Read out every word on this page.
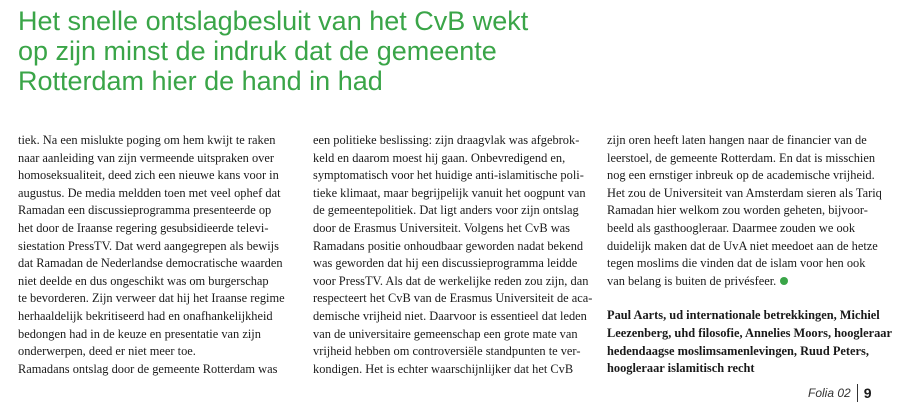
Het snelle ontslagbesluit van het CvB wekt
op zijn minst de indruk dat de gemeente
Rotterdam hier de hand in had
tiek. Na een mislukte poging om hem kwijt te raken
naar aanleiding van zijn vermeende uitspraken over
homoseksualiteit, deed zich een nieuwe kans voor in
augustus. De media meldden toen met veel ophef dat
Ramadan een discussieprogramma presenteerde op
het door de Iraanse regering gesubsidieerde televi-
siestation PressTV. Dat werd aangegrepen als bewijs
dat Ramadan de Nederlandse democratische waarden
niet deelde en dus ongeschikt was om burgerschap
te bevorderen. Zijn verweer dat hij het Iraanse regime
herhaaldelijk bekritiseerd had en onafhankelijkheid
bedongen had in de keuze en presentatie van zijn
onderwerpen, deed er niet meer toe.
Ramadans ontslag door de gemeente Rotterdam was
een politieke beslissing: zijn draagvlak was afgebrok-
keld en daarom moest hij gaan. Onbevredigend en,
symptomatisch voor het huidige anti-islamitische poli-
tieke klimaat, maar begrijpelijk vanuit het oogpunt van
de gemeentepolitiek. Dat ligt anders voor zijn ontslag
door de Erasmus Universiteit. Volgens het CvB was
Ramadans positie onhoudbaar geworden nadat bekend
was geworden dat hij een discussieprogramma leidde
voor PressTV. Als dat de werkelijke reden zou zijn, dan
respecteert het CvB van de Erasmus Universiteit de aca-
demische vrijheid niet. Daarvoor is essentieel dat leden
van de universitaire gemeenschap een grote mate van
vrijheid hebben om controversiële standpunten te ver-
kondigen. Het is echter waarschijnlijker dat het CvB
zijn oren heeft laten hangen naar de financier van de
leerstoel, de gemeente Rotterdam. En dat is misschien
nog een ernstiger inbreuk op de academische vrijheid.
Het zou de Universiteit van Amsterdam sieren als Tariq
Ramadan hier welkom zou worden geheten, bijvoor-
beeld als gasthoogleraar. Daarmee zouden we ook
duidelijk maken dat de UvA niet meedoet aan de hetze
tegen moslims die vinden dat de islam voor hen ook
van belang is buiten de privésfeer.
Paul Aarts, ud internationale betrekkingen, Michiel
Leezenberg, uhd filosofie, Annelies Moors, hoogleraar
hedendaagse moslimsamenlevingen, Ruud Peters,
hoogleraar islamitisch recht
Folia 02 9
